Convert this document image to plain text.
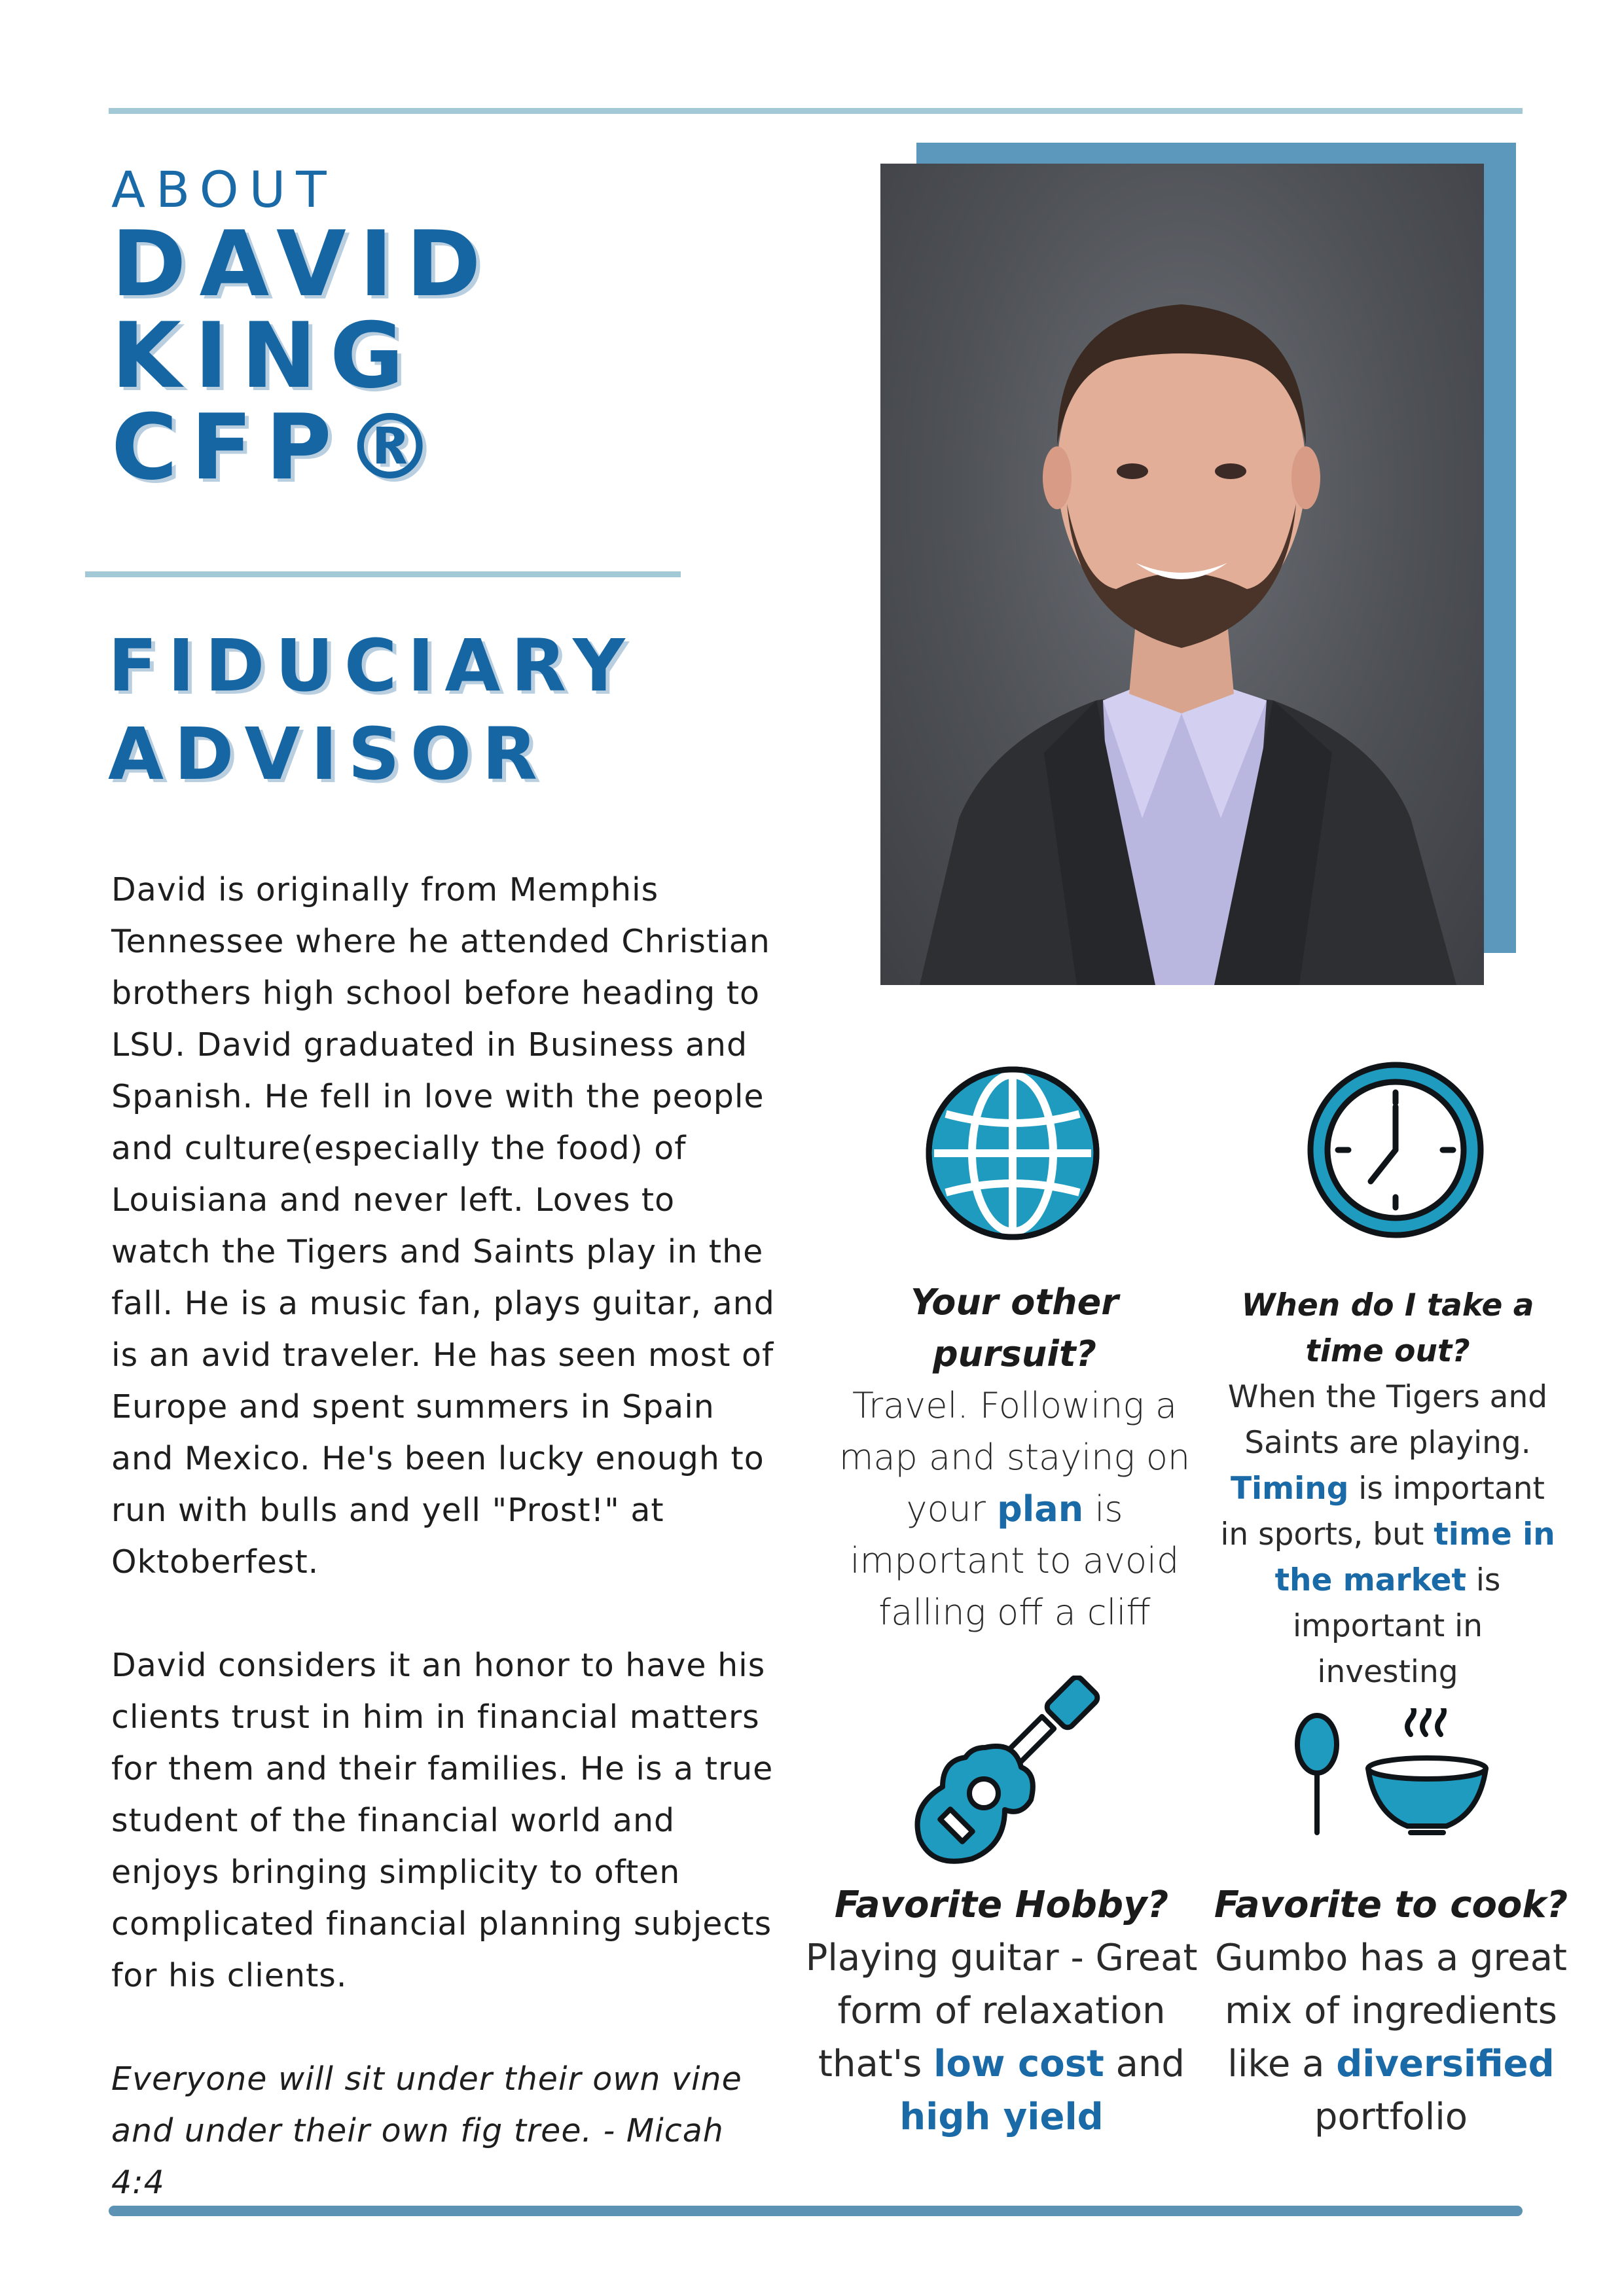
ABOUT
DAVID
KING
CFP®
FIDUCIARY
ADVISOR

David is originally from Memphis Tennessee where he attended Christian brothers high school before heading to LSU. David graduated in Business and Spanish. He fell in love with the people and culture(especially the food) of Louisiana and never left. Loves to watch the Tigers and Saints play in the fall. He is a music fan, plays guitar, and is an avid traveler. He has seen most of Europe and spent summers in Spain and Mexico. He's been lucky enough to run with bulls and yell "Prost!" at Oktoberfest.

David considers it an honor to have his clients trust in him in financial matters for them and their families. He is a true student of the financial world and enjoys bringing simplicity to often complicated financial planning subjects for his clients.

Everyone will sit under their own vine and under their own fig tree. - Micah 4:4

Your other pursuit?
Travel. Following a map and staying on your plan is important to avoid falling off a cliff
When do I take a time out?
When the Tigers and Saints are playing. Timing is important in sports, but time in the market is important in investing
Favorite Hobby?
Playing guitar - Great form of relaxation that's low cost and high yield
Favorite to cook?
Gumbo has a great mix of ingredients like a diversified portfolio
